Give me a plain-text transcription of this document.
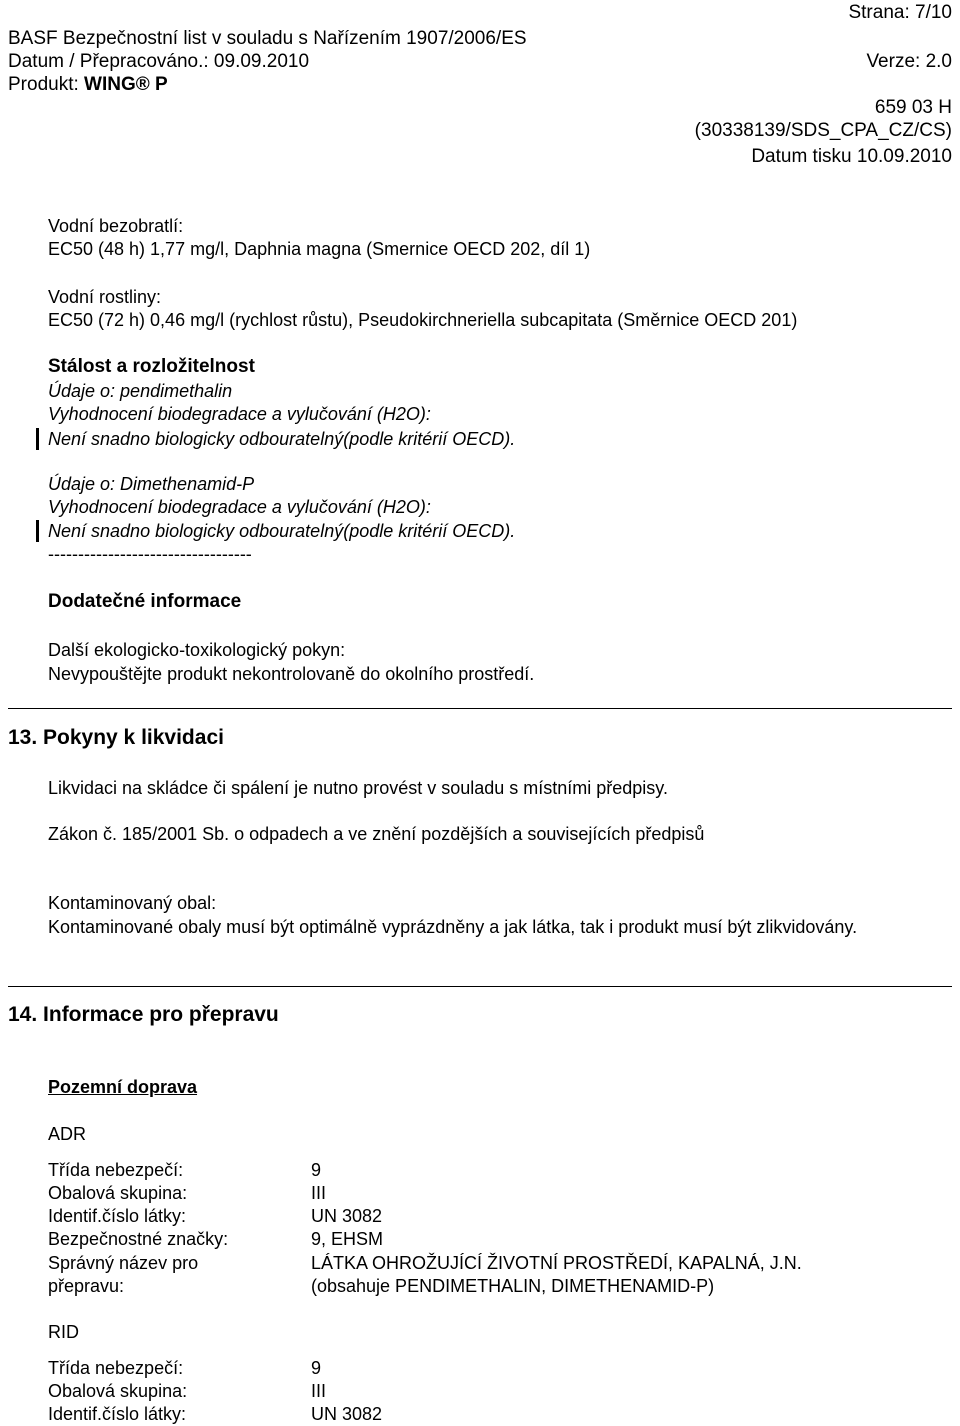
Strana: 7/10
BASF Bezpečnostní list v souladu s Nařízením 1907/2006/ES
Datum / Přepracováno.: 09.09.2010	Verze: 2.0
Produkt: WING® P
659 03 H
(30338139/SDS_CPA_CZ/CS)
Datum tisku 10.09.2010
Vodní bezobratlí:
EC50 (48 h) 1,77 mg/l, Daphnia magna (Smernice OECD 202, díl 1)
Vodní rostliny:
EC50 (72 h) 0,46 mg/l (rychlost růstu), Pseudokirchneriella subcapitata (Směrnice OECD 201)
Stálost a rozložitelnost
Údaje o: pendimethalin
Vyhodnocení biodegradace a vylučování (H2O):
Není snadno biologicky odbouratelný(podle kritérií OECD).
Údaje o: Dimethenamid-P
Vyhodnocení biodegradace a vylučování (H2O):
Není snadno biologicky odbouratelný(podle kritérií OECD).
----------------------------------
Dodatečné informace
Další ekologicko-toxikologický pokyn:
Nevypouštějte produkt nekontrolovaně do okolního prostředí.
13. Pokyny k likvidaci
Likvidaci na skládce či spálení je nutno provést v souladu s místními předpisy.
Zákon č. 185/2001 Sb. o odpadech a ve znění pozdějších a souvisejících předpisů
Kontaminovaný obal:
Kontaminované obaly musí být optimálně vyprázdněny a jak látka, tak i produkt musí být zlikvidovány.
14. Informace pro přepravu
Pozemní doprava
ADR
Třída nebezpečí:	9
Obalová skupina:	III
Identif.číslo látky:	UN 3082
Bezpečnostné značky:	9, EHSM
Správný název pro	LÁTKA OHROŽUJÍCÍ ŽIVOTNÍ PROSTŘEDÍ, KAPALNÁ, J.N.
přepravu:	(obsahuje PENDIMETHALIN, DIMETHENAMID-P)
RID
Třída nebezpečí:	9
Obalová skupina:	III
Identif.číslo látky:	UN 3082
